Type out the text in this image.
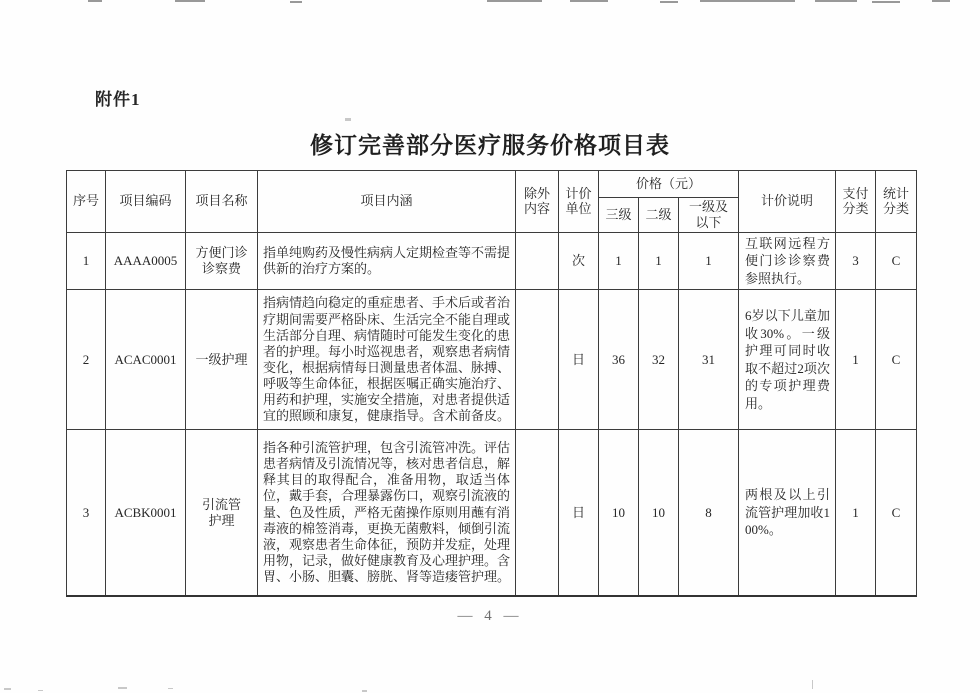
附件1
修订完善部分医疗服务价格项目表
序号	项目编码	项目名称	项目内涵	除外内容	计价单位	价格（元）			计价说明	支付分类	统计分类
						三级	二级	一级及以下			
1	AAAA0005	方便门诊诊察费	指单纯购药及慢性病病人定期检查等不需提供新的治疗方案的。		次	1	1	1	互联网远程方便门诊诊察费参照执行。	3	C
2	ACAC0001	一级护理	指病情趋向稳定的重症患者、手术后或者治疗期间需要严格卧床、生活完全不能自理或生活部分自理、病情随时可能发生变化的患者的护理。每小时巡视患者，观察患者病情变化，根据病情每日测量患者体温、脉搏、呼吸等生命体征，根据医嘱正确实施治疗、用药和护理，实施安全措施，对患者提供适宜的照顾和康复，健康指导。含术前备皮。		日	36	32	31	6岁以下儿童加收30%。一级护理可同时收取不超过2项次的专项护理费用。	1	C
3	ACBK0001	引流管护理	指各种引流管护理，包含引流管冲洗。评估患者病情及引流情况等，核对患者信息，解释其目的取得配合，准备用物，取适当体位，戴手套，合理暴露伤口，观察引流液的量、色及性质，严格无菌操作原则用蘸有消毒液的棉签消毒，更换无菌敷料，倾倒引流液，观察患者生命体征，预防并发症，处理用物，记录，做好健康教育及心理护理。含胃、小肠、胆囊、膀胱、肾等造瘘管护理。		日	10	10	8	两根及以上引流管护理加收100%。	1	C
— 4 —
